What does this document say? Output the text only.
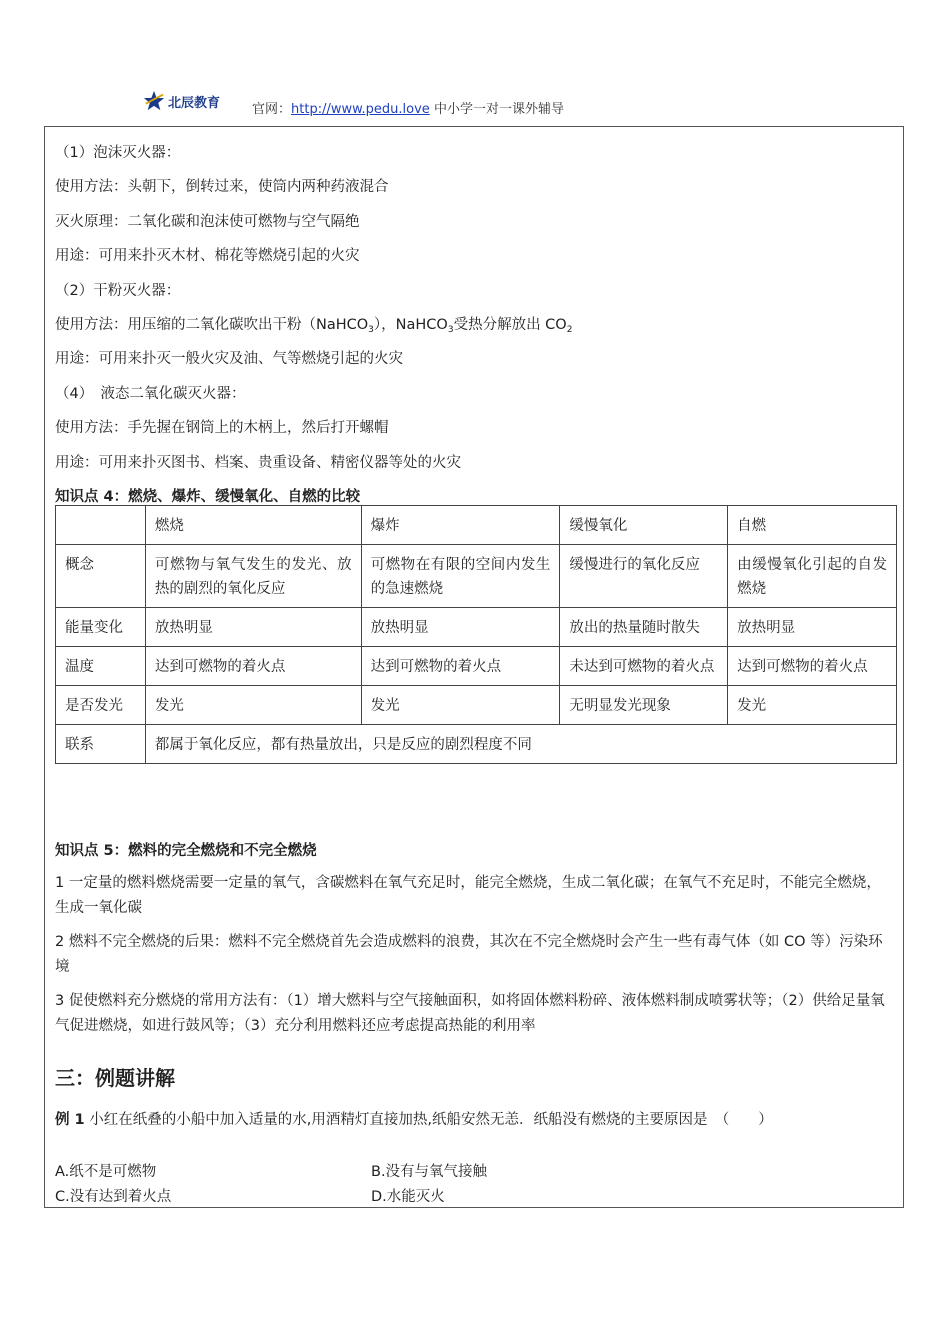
北辰教育 官网：http://www.pedu.love 中小学一对一课外辅导
（1）泡沫灭火器：
使用方法：头朝下，倒转过来，使筒内两种药液混合
灭火原理：二氧化碳和泡沫使可燃物与空气隔绝
用途：可用来扑灭木材、棉花等燃烧引起的火灾
（2）干粉灭火器：
使用方法：用压缩的二氧化碳吹出干粉（NaHCO$_3$），NaHCO$_3$受热分解放出 $CO_2$
用途：可用来扑灭一般火灾及油、气等燃烧引起的火灾
（4）　液态二氧化碳灭火器：
使用方法：手先握在钢筒上的木柄上，然后打开螺帽
用途：可用来扑灭图书、档案、贵重设备、精密仪器等处的火灾
知识点 4：燃烧、爆炸、缓慢氧化、自燃的比较
	燃烧	爆炸	缓慢氧化	自燃
概念	可燃物与氧气发生的发光、放热的剧烈的氧化反应	可燃物在有限的空间内发生的急速燃烧	缓慢进行的氧化反应	由缓慢氧化引起的自发燃烧
能量变化	放热明显	放热明显	放出的热量随时散失	放热明显
温度	达到可燃物的着火点	达到可燃物的着火点	未达到可燃物的着火点	达到可燃物的着火点
是否发光	发光	发光	无明显发光现象	发光
联系	都属于氧化反应，都有热量放出，只是反应的剧烈程度不同			
知识点 5：燃料的完全燃烧和不完全燃烧
1 一定量的燃料燃烧需要一定量的氧气，含碳燃料在氧气充足时，能完全燃烧，生成二氧化碳；在氧气不充足时，不能完全燃烧，生成一氧化碳
2 燃料不完全燃烧的后果：燃料不完全燃烧首先会造成燃料的浪费，其次在不完全燃烧时会产生一些有毒气体（如 CO 等）污染环境
3 促使燃料充分燃烧的常用方法有：（1）增大燃料与空气接触面积，如将固体燃料粉碎、液体燃料制成喷雾状等；（2）供给足量氧气促进燃烧，如进行鼓风等；（3）充分利用燃料还应考虑提高热能的利用率
三：例题讲解
例 1 小红在纸叠的小船中加入适量的水,用酒精灯直接加热,纸船安然无恙．纸船没有燃烧的主要原因是　（　　）
A.纸不是可燃物	B.没有与氧气接触
C.没有达到着火点	D.水能灭火
